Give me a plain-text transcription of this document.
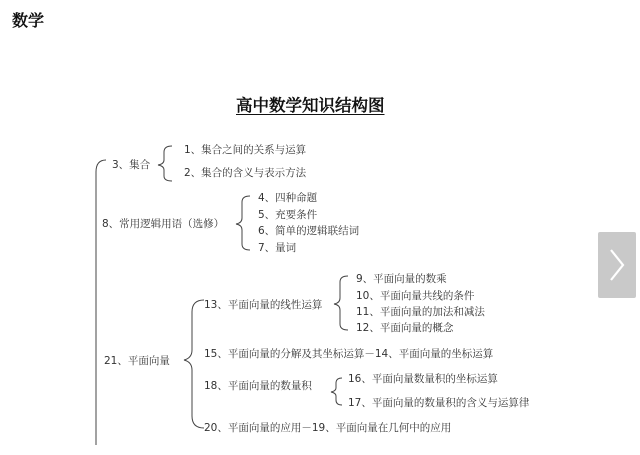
数学
高中数学知识结构图
3、集合
1、集合之间的关系与运算
2、集合的含义与表示方法
8、常用逻辑用语（选修）
4、四种命题
5、充要条件
6、简单的逻辑联结词
7、量词
21、平面向量
13、平面向量的线性运算
9、平面向量的数乘
10、平面向量共线的条件
11、平面向量的加法和减法
12、平面向量的概念
15、平面向量的分解及其坐标运算－14、平面向量的坐标运算
18、平面向量的数量积
16、平面向量数量积的坐标运算
17、平面向量的数量积的含义与运算律
20、平面向量的应用－19、平面向量在几何中的应用
